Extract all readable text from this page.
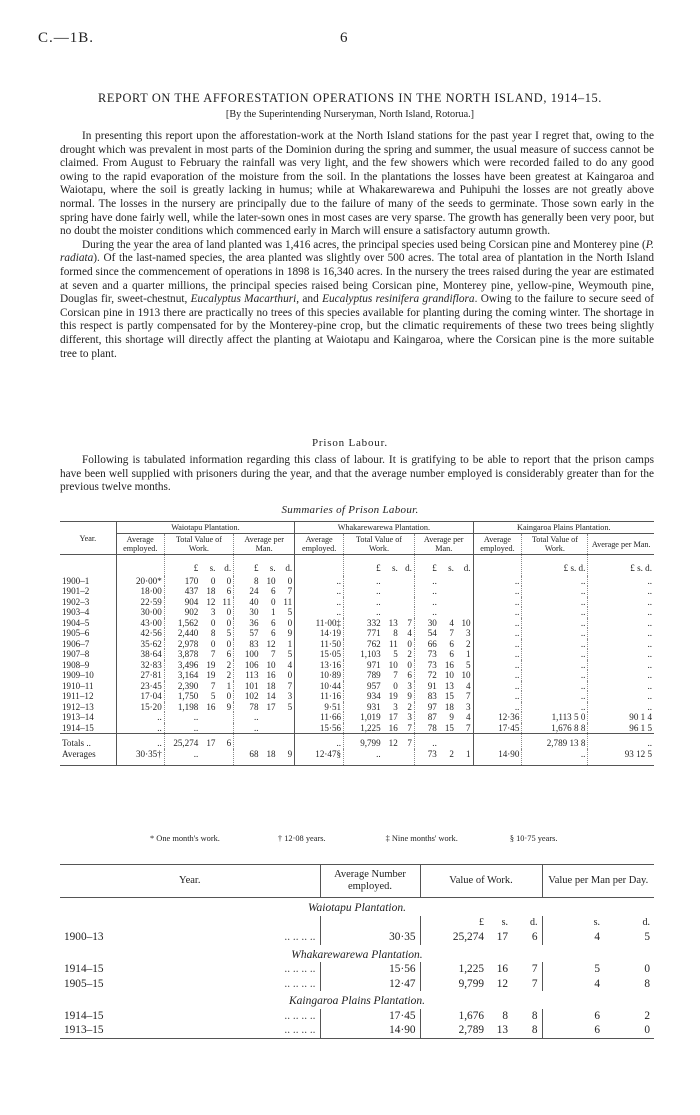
C.—1B.	6
REPORT ON THE AFFORESTATION OPERATIONS IN THE NORTH ISLAND, 1914–15.
[By the Superintending Nurseryman, North Island, Rotorua.]

In presenting this report upon the afforestation-work at the North Island stations for the past year I regret that, owing to the drought which was prevalent in most parts of the Dominion during the spring and summer, the usual measure of success cannot be claimed. From August to February the rainfall was very light, and the few showers which were recorded failed to do any good owing to the rapid evaporation of the moisture from the soil. In the plantations the losses have been greatest at Kaingaroa and Waiotapu, where the soil is greatly lacking in humus; while at Whakarewarewa and Puhipuhi the losses are not greatly above normal. The losses in the nursery are principally due to the failure of many of the seeds to germinate. Those sown early in the spring have done fairly well, while the later-sown ones in most cases are very sparse. The growth has generally been very poor, but no doubt the moister conditions which commenced early in March will ensure a satisfactory autumn growth.

During the year the area of land planted was 1,416 acres, the principal species used being Corsican pine and Monterey pine (P. radiata). Of the last-named species, the area planted was slightly over 500 acres. The total area of plantation in the North Island formed since the commencement of operations in 1898 is 16,340 acres. In the nursery the trees raised during the year are estimated at seven and a quarter millions, the principal species raised being Corsican pine, Monterey pine, yellow-pine, Weymouth pine, Douglas fir, sweet-chestnut, Eucalyptus Macarthuri, and Eucalyptus resinifera grandiflora. Owing to the failure to secure seed of Corsican pine in 1913 there are practically no trees of this species available for planting during the coming winter. The shortage in this respect is partly compensated for by the Monterey-pine crop, but the climatic requirements of these two trees being slightly different, this shortage will directly affect the planting at Waiotapu and Kaingaroa, where the Corsican pine is the more suitable tree to plant.

Prison Labour.

Following is tabulated information regarding this class of labour. It is gratifying to be able to report that the prison camps have been well supplied with prisoners during the year, and that the average number employed is considerably greater than for the previous twelve months.

Summaries of Prison Labour.
Year.	Waiotapu Plantation.							Whakarewarewa Plantation.							Kaingaroa Plains Plantation.		
	Average employed.	Total Value of Work.			Average per Man.			Average employed.	Total Value of Work.			Average per Man.			Average employed.	Total Value of Work.	Average per Man.
		£	s.	d.	£	s.	d.		£	s.	d.	£	s.	d.		£ s. d.	£ s. d.
1900–1	20·00*	170	0	0	8	10	0	..	..			..			..	..	..
1901–2	18·00	437	18	6	24	6	7	..	..			..			..	..	..
1902–3	22·59	904	12	11	40	0	11	..	..			..			..	..	..
1903–4	30·00	902	3	0	30	1	5	..	..			..			..	..	..
1904–5	43·00	1,562	0	0	36	6	0	11·00‡	332	13	7	30	4	10	..	..	..
1905–6	42·56	2,440	8	5	57	6	9	14·19	771	8	4	54	7	3	..	..	..
1906–7	35·62	2,978	0	0	83	12	1	11·50	762	11	0	66	6	2	..	..	..
1907–8	38·64	3,878	7	6	100	7	5	15·05	1,103	5	2	73	6	1	..	..	..
1908–9	32·83	3,496	19	2	106	10	4	13·16	971	10	0	73	16	5	..	..	..
1909–10	27·81	3,164	19	2	113	16	0	10·89	789	7	6	72	10	10	..	..	..
1910–11	23·45	2,390	7	1	101	18	7	10·44	957	0	3	91	13	4	..	..	..
1911–12	17·04	1,750	5	0	102	14	3	11·16	934	19	9	83	15	7	..	..	..
1912–13	15·20	1,198	16	9	78	17	5	9·51	931	3	2	97	18	3	..	..	..
1913–14	..	..			..			11·66	1,019	17	3	87	9	4	12·36	1,113 5 0	90 1 4
1914–15	..	..			..			15·56	1,225	16	7	78	15	7	17·45	1,676 8 8	96 1 5
Totals ..	..	25,274	17	6				..	9,799	12	7	..				2,789 13 8	..
Averages	30·35†	..			68	18	9	12·47§	..			73	2	1	14·90	..	93 12 5
* One month's work.	† 12·08 years.	‡ Nine months' work.	§ 10·75 years.
Year.	Average Number employed.	Value of Work.			Value per Man per Day.	
Waiotapu Plantation.						
		£	s.	d.	s.	d.
1900–13 .. .. .. ..	30·35	25,274	17	6	4	5
Whakarewarewa Plantation.						
1914–15 .. .. .. ..	15·56	1,225	16	7	5	0
1905–15 .. .. .. ..	12·47	9,799	12	7	4	8
Kaingaroa Plains Plantation.						
1914–15 .. .. .. ..	17·45	1,676	8	8	6	2
1913–15 .. .. .. ..	14·90	2,789	13	8	6	0
